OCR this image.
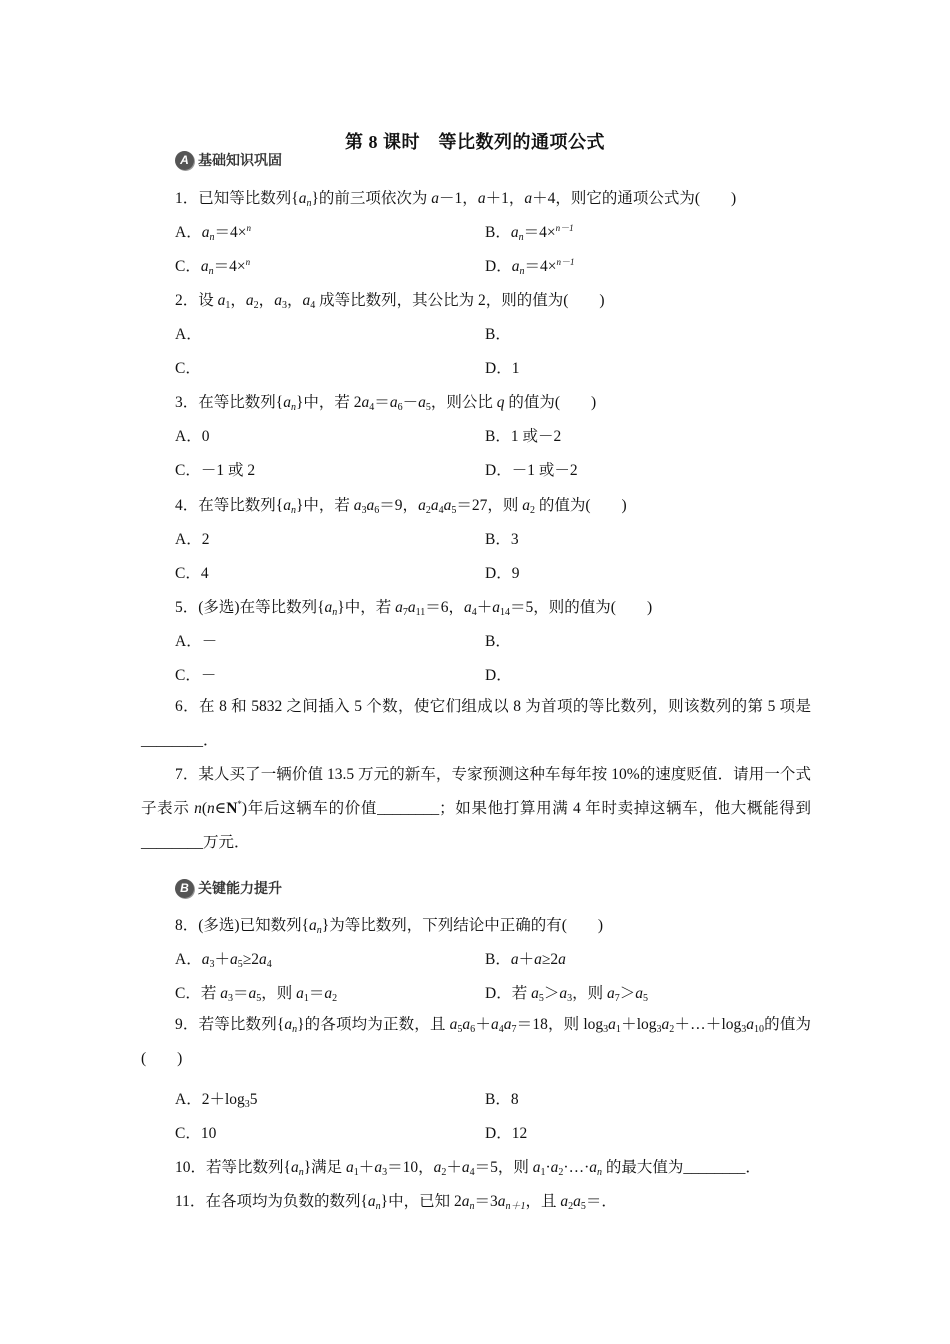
第 8 课时　等比数列的通项公式
A 基础知识巩固
1．已知等比数列$\{a_n\}$的前三项依次为 a－1，a＋1，a＋4，则它的通项公式为(　　)
A．$a_n=4\times^n$	B．$a_n=4\times^{n-1}$
C．$a_n=4\times^n$	D．$a_n=4\times^{n-1}$
2．设 $a_1$，$a_2$，$a_3$，$a_4$ 成等比数列，其公比为 2，则的值为(　　)
A．	B．
C．	D．1
3．在等比数列$\{a_n\}$中，若 $2a_4=a_6-a_5$，则公比 q 的值为(　　)
A．0	B．1 或－2
C．－1 或 2	D．－1 或－2
4．在等比数列$\{a_n\}$中，若 $a_3a_6=9$，$a_2a_4a_5=27$，则 $a_2$ 的值为(　　)
A．2	B．3
C．4	D．9
5．(多选)在等比数列$\{a_n\}$中，若 $a_7a_{11}=6$，$a_4+a_{14}=5$，则的值为(　　)
A．－	B．
C．－	D．
6．在 8 和 5832 之间插入 5 个数，使它们组成以 8 为首项的等比数列，则该数列的第 5 项是________．
7．某人买了一辆价值 13.5 万元的新车，专家预测这种车每年按 10%的速度贬值．请用一个式子表示 n(n∈N*)年后这辆车的价值________；如果他打算用满 4 年时卖掉这辆车，他大概能得到________万元．
B 关键能力提升
8．(多选)已知数列$\{a_n\}$为等比数列，下列结论中正确的有(　　)
A．$a_3+a_5\ge 2a_4$	B．a＋a≥2a
C．若 $a_3=a_5$，则 $a_1=a_2$	D．若 $a_5>a_3$，则 $a_7>a_5$
9．若等比数列$\{a_n\}$的各项均为正数，且 $a_5a_6+a_4a_7=18$，则 $\log_3a_1+\log_3a_2+\dots+\log_3a_{10}$的值为(　　)
A．$2+\log_35$	B．8
C．10	D．12
10．若等比数列$\{a_n\}$满足 $a_1+a_3=10$，$a_2+a_4=5$，则 $a_1\cdot a_2\cdot\dots\cdot a_n$ 的最大值为________．
11．在各项均为负数的数列$\{a_n\}$中，已知 $2a_n=3a_{n+1}$，且 $a_2a_5=$．
